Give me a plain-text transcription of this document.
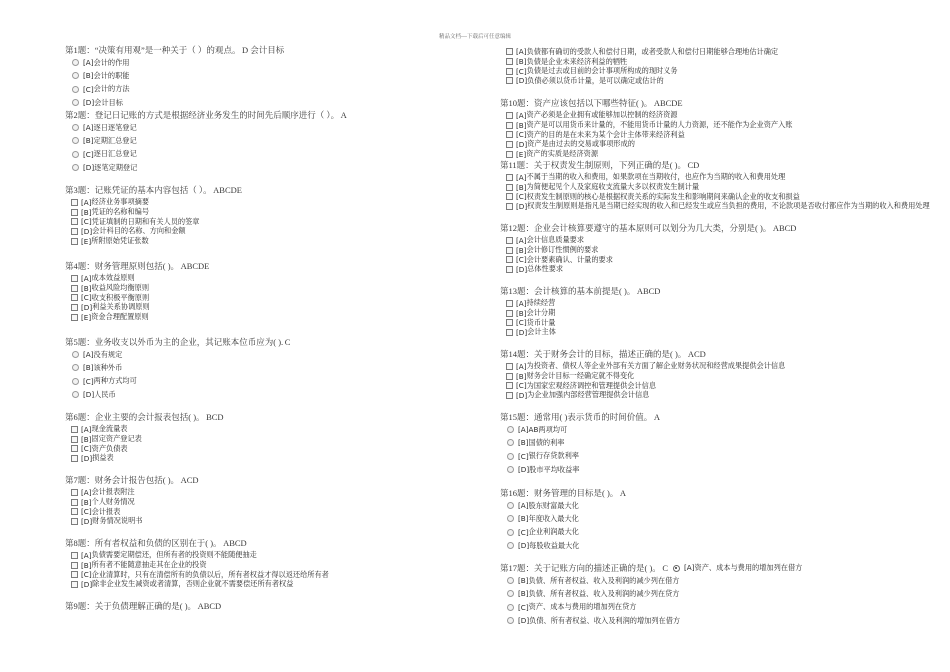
精品文档---下载后可任意编辑
第1题： “决策有用观”是一种关于（ ）的观点。 D 会计目标
[A] 会计的作用
[B] 会计的职能
[C] 会计的方法
[D] 会计目标
第2题： 登记日记账的方式是根据经济业务发生的时间先后顺序进行（ ）。 A
[A] 逐日逐笔登记
[B] 定期汇总登记
[C] 逐日汇总登记
[D] 逐笔定期登记
第3题： 记账凭证的基本内容包括（ ）。 ABCDE
[A] 经济业务事项摘要
[B] 凭证的名称和编号
[C] 凭证填制的日期和有关人员的签章
[D] 会计科目的名称、方向和金额
[E] 所附原始凭证张数
第4题： 财务管理原则包括( )。 ABCDE
[A] 成本效益原则
[B] 收益风险均衡原则
[C] 收支积极平衡原则
[D] 利益关系协调原则
[E] 资金合理配置原则
第5题： 业务收支以外币为主的企业，其记账本位币应为( ). C
[A] 没有规定
[B] 该种外币
[C] 两种方式均可
[D] 人民币
第6题： 企业主要的会计报表包括( )。 BCD
[A] 现金流量表
[B] 固定资产登记表
[C] 资产负债表
[D] 损益表
第7题： 财务会计报告包括( )。 ACD
[A] 会计报表附注
[B] 个人财务情况
[C] 会计报表
[D] 财务情况说明书
第8题： 所有者权益和负债的区别在于( )。 ABCD
[A] 负债需要定期偿还，但所有者的投资则不能随便抽走
[B] 所有者不能随意抽走其在企业的投资
[C] 企业清算时，只有在清偿所有的负债以后，所有者权益才得以返还给所有者
[D] 除非企业发生减资或者清算，否则企业就不需要偿还所有者权益
第9题： 关于负债理解正确的是( )。 ABCD
[A] 负债都有确切的受款人和偿付日期，或者受款人和偿付日期能够合理地估计确定
[B] 负债是企业未来经济利益的牺牲
[C] 负债是过去或目前的会计事项所构成的现时义务
[D] 负债必须以货币计量，是可以确定或估计的
第10题： 资产应该包括以下哪些特征( )。 ABCDE
[A] 资产必须是企业拥有或能够加以控制的经济资源
[B] 资产是可以用货币来计量的，不能用货币计量的人力资源，还不能作为企业资产入账
[C] 资产的目的是在未来为某个会计主体带来经济利益
[D] 资产是由过去的交易或事项形成的
[E] 资产的实质是经济资源
第11题： 关于权责发生制原则，下列正确的是( )。 CD
[A] 不属于当期的收入和费用，如果款项在当期收付，也应作为当期的收入和费用处理
[B] 为简便起见个人及家庭收支流量大多以权责发生制计量
[C] 权责发生制原则的核心是根据权责关系的实际发生和影响期间来确认企业的收支和损益
[D] 权责发生制原则是指凡是当期已经实现的收入和已经发生或应当负担的费用，不论款项是否收付都应作为当期的收入和费用处理
第12题： 企业会计核算要遵守的基本原则可以划分为几大类，分别是( )。 ABCD
[A] 会计信息质量要求
[B] 会计修订性惯例的要求
[C] 会计要素确认、计量的要求
[D] 总体性要求
第13题： 会计核算的基本前提是( )。 ABCD
[A] 持续经营
[B] 会计分期
[C] 货币计量
[D] 会计主体
第14题： 关于财务会计的目标，描述正确的是( )。 ACD
[A] 为投资者、债权人等企业外部有关方面了解企业财务状况和经营成果提供会计信息
[B] 财务会计目标一经确定就不得变化
[C] 为国家宏观经济调控和管理提供会计信息
[D] 为企业加强内部经营管理提供会计信息
第15题： 通常用( )表示货币的时间价值。 A
[A] AB两项均可
[B] 国债的利率
[C] 银行存贷款利率
[D] 股市平均收益率
第16题： 财务管理的目标是( )。 A
[A] 股东财富最大化
[B] 年度收入最大化
[C] 企业利润最大化
[D] 每股收益最大化
第17题： 关于记账方向的描述正确的是( )。 C [A] 资产、成本与费用的增加列在借方
[B] 负债、所有者权益、收入及利润的减少列在借方
[B] 负债、所有者权益、收入及利润的减少列在贷方
[C] 资产、成本与费用的增加列在贷方
[D] 负债、所有者权益、收入及利润的增加列在借方
